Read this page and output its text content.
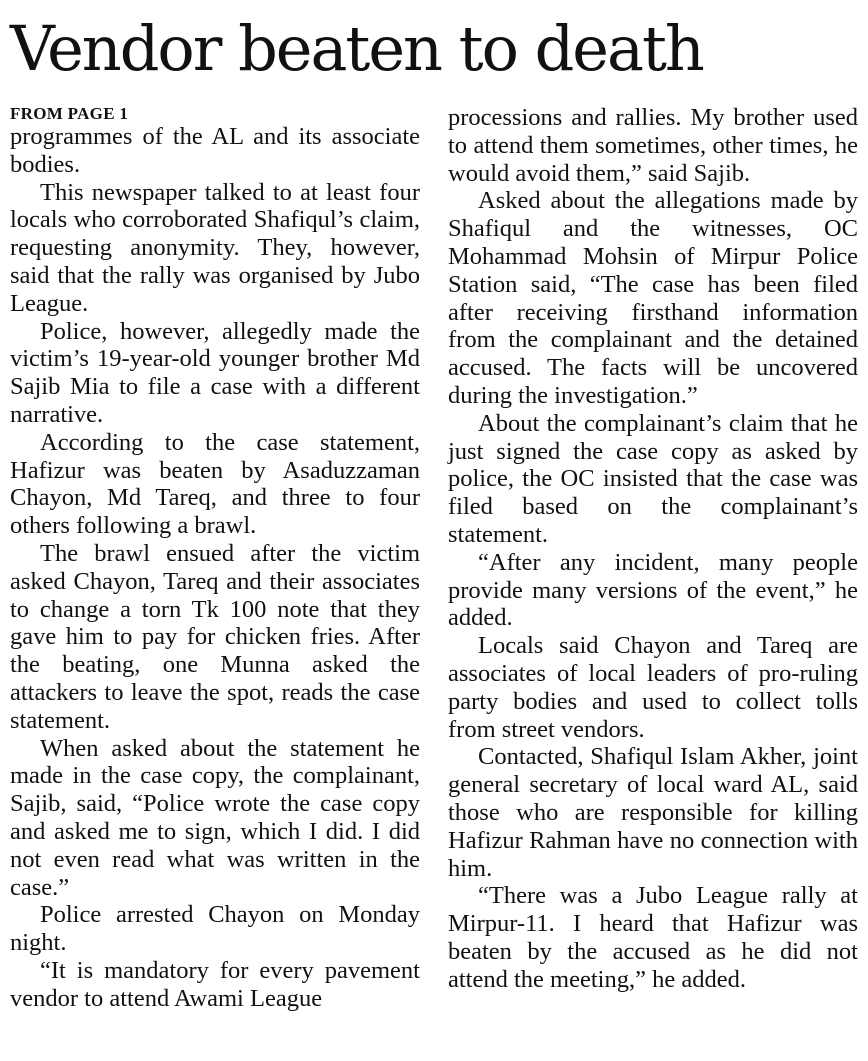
Vendor beaten to death
FROM PAGE 1

programmes of the AL and its associate bodies.

This newspaper talked to at least four locals who corroborated Shafiqul’s claim, requesting anonymity. They, however, said that the rally was organised by Jubo League.

Police, however, allegedly made the victim’s 19-year-old younger brother Md Sajib Mia to file a case with a different narrative.

According to the case statement, Hafizur was beaten by Asaduzzaman Chayon, Md Tareq, and three to four others following a brawl.

The brawl ensued after the victim asked Chayon, Tareq and their associates to change a torn Tk 100 note that they gave him to pay for chicken fries. After the beating, one Munna asked the attackers to leave the spot, reads the case statement.

When asked about the statement he made in the case copy, the complainant, Sajib, said, “Police wrote the case copy and asked me to sign, which I did. I did not even read what was written in the case.”

Police arrested Chayon on Monday night.

“It is mandatory for every pavement vendor to attend Awami League

processions and rallies. My brother used to attend them sometimes, other times, he would avoid them,” said Sajib.

Asked about the allegations made by Shafiqul and the witnesses, OC Mohammad Mohsin of Mirpur Police Station said, “The case has been filed after receiving firsthand information from the complainant and the detained accused. The facts will be uncovered during the investigation.”

About the complainant’s claim that he just signed the case copy as asked by police, the OC insisted that the case was filed based on the complainant’s statement.

“After any incident, many people provide many versions of the event,” he added.

Locals said Chayon and Tareq are associates of local leaders of pro-ruling party bodies and used to collect tolls from street vendors.

Contacted, Shafiqul Islam Akher, joint general secretary of local ward AL, said those who are responsible for killing Hafizur Rahman have no connection with him.

“There was a Jubo League rally at Mirpur-11. I heard that Hafizur was beaten by the accused as he did not attend the meeting,” he added.
